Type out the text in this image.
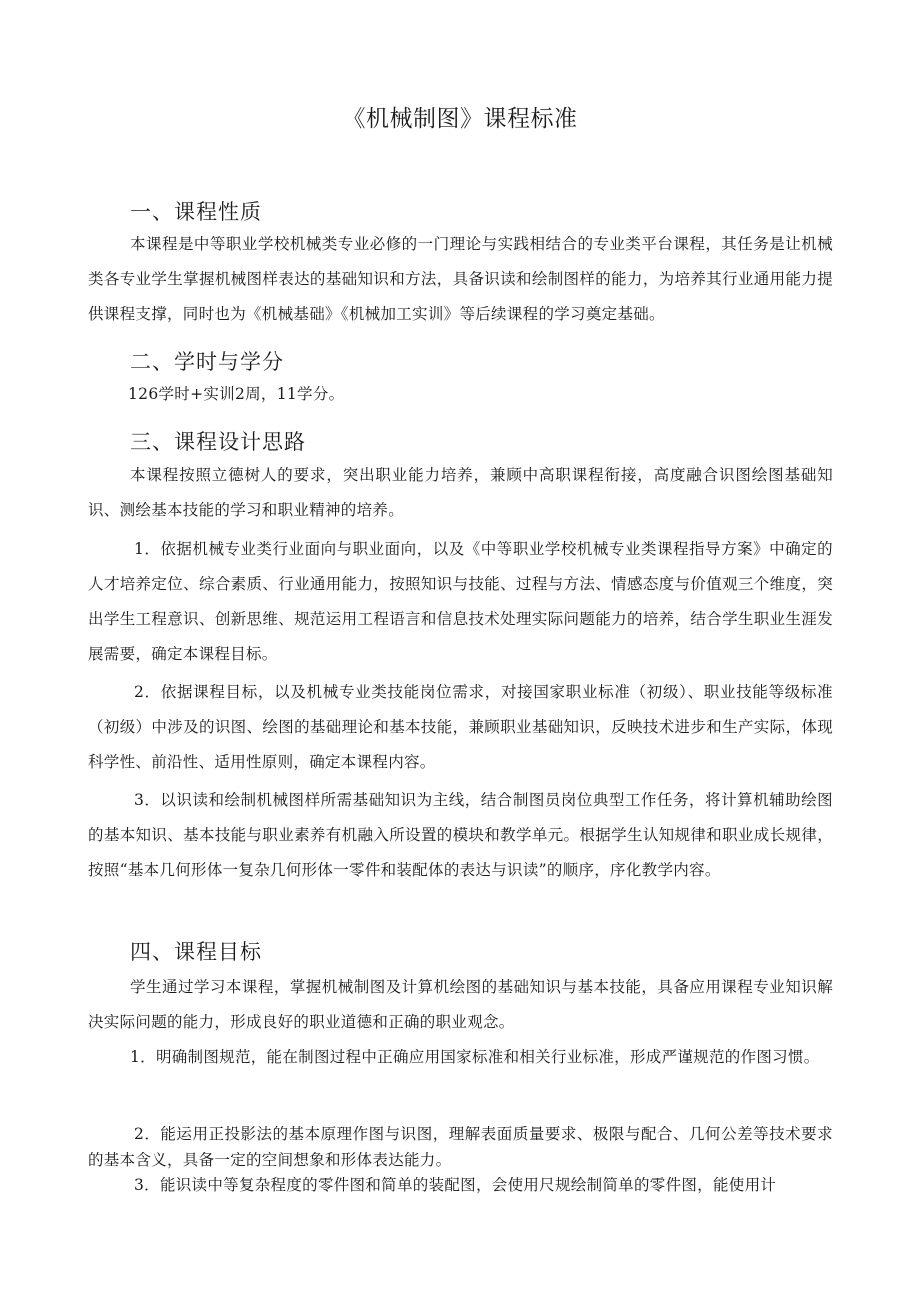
《机械制图》课程标准
一、课程性质
本课程是中等职业学校机械类专业必修的一门理论与实践相结合的专业类平台课程，其任务是让机械类各专业学生掌握机械图样表达的基础知识和方法，具备识读和绘制图样的能力，为培养其行业通用能力提供课程支撑，同时也为《机械基础》《机械加工实训》等后续课程的学习奠定基础。
二、学时与学分
126学时+实训2周，11学分。
三、课程设计思路
本课程按照立德树人的要求，突出职业能力培养，兼顾中高职课程衔接，高度融合识图绘图基础知识、测绘基本技能的学习和职业精神的培养。
1．依据机械专业类行业面向与职业面向，以及《中等职业学校机械专业类课程指导方案》中确定的人才培养定位、综合素质、行业通用能力，按照知识与技能、过程与方法、情感态度与价值观三个维度，突出学生工程意识、创新思维、规范运用工程语言和信息技术处理实际问题能力的培养，结合学生职业生涯发展需要，确定本课程目标。
2．依据课程目标，以及机械专业类技能岗位需求，对接国家职业标准（初级）、职业技能等级标准（初级）中涉及的识图、绘图的基础理论和基本技能，兼顾职业基础知识，反映技术进步和生产实际，体现科学性、前沿性、适用性原则，确定本课程内容。
3．以识读和绘制机械图样所需基础知识为主线，结合制图员岗位典型工作任务，将计算机辅助绘图的基本知识、基本技能与职业素养有机融入所设置的模块和教学单元。根据学生认知规律和职业成长规律，按照“基本几何形体一复杂几何形体一零件和装配体的表达与识读”的顺序，序化教学内容。
四、课程目标
学生通过学习本课程，掌握机械制图及计算机绘图的基础知识与基本技能，具备应用课程专业知识解决实际问题的能力，形成良好的职业道德和正确的职业观念。
1．明确制图规范，能在制图过程中正确应用国家标准和相关行业标准，形成严谨规范的作图习惯。
2．能运用正投影法的基本原理作图与识图，理解表面质量要求、极限与配合、几何公差等技术要求的基本含义，具备一定的空间想象和形体表达能力。
3．能识读中等复杂程度的零件图和简单的装配图，会使用尺规绘制简单的零件图，能使用计
